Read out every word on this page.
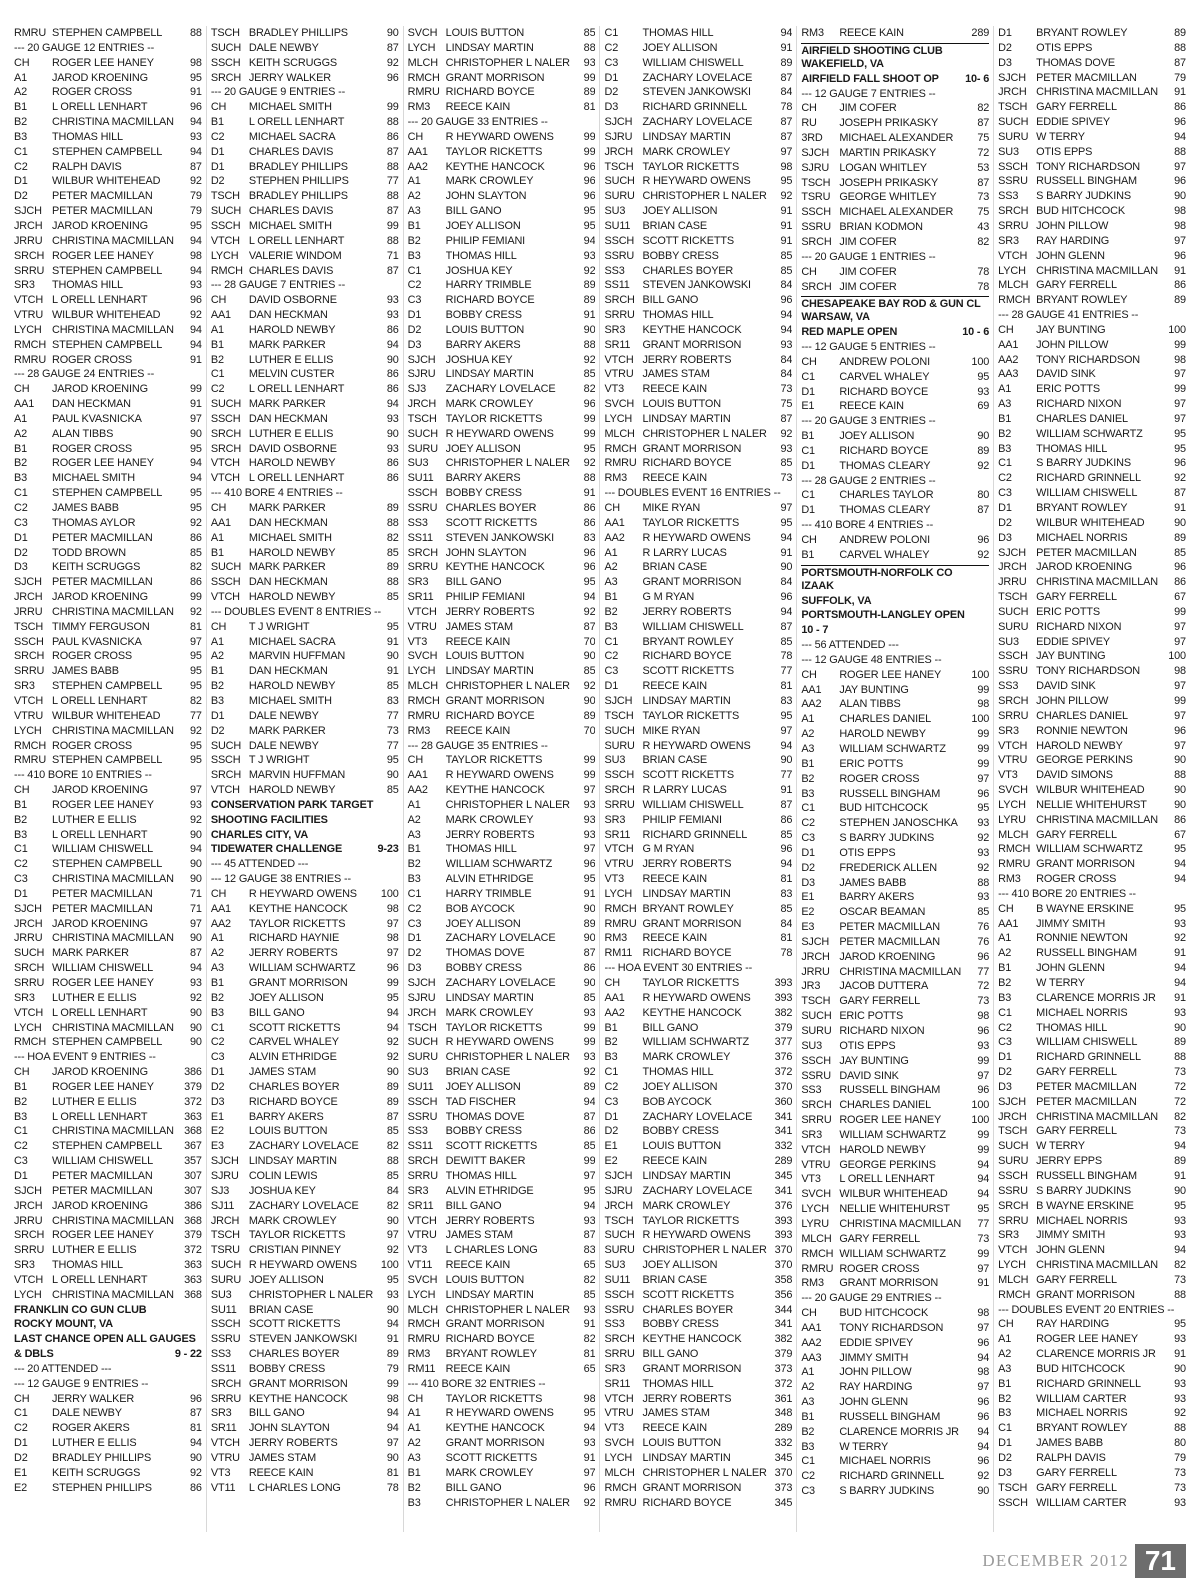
RMRU STEPHEN CAMPBELL	88
--- 20 GAUGE 12 ENTRIES --
CH	ROGER LEE HANEY	98
A1	JAROD KROENING	95
A2	ROGER CROSS	91
B1	L ORELL LENHART	96
B2	CHRISTINA MACMILLAN	94
B3	THOMAS HILL	93
C1	STEPHEN CAMPBELL	94
C2	RALPH DAVIS	87
D1	WILBUR WHITEHEAD	92
D2	PETER MACMILLAN	79
SJCH PETER MACMILLAN	79
JRCH JAROD KROENING	95
JRRU CHRISTINA MACMILLAN	94
SRCH ROGER LEE HANEY	98
SRRU STEPHEN CAMPBELL	94
SR3	THOMAS HILL	93
VTCH L ORELL LENHART	96
VTRU WILBUR WHITEHEAD	92
LYCH CHRISTINA MACMILLAN	94
RMCH STEPHEN CAMPBELL	94
RMRU ROGER CROSS	91
--- 28 GAUGE 24 ENTRIES --
CH	JAROD KROENING	99
AA1	DAN HECKMAN	91
A1	PAUL KVASNICKA	97
A2	ALAN TIBBS	90
B1	ROGER CROSS	95
B2	ROGER LEE HANEY	94
B3	MICHAEL SMITH	94
C1	STEPHEN CAMPBELL	95
C2	JAMES BABB	95
C3	THOMAS AYLOR	92
D1	PETER MACMILLAN	86
D2	TODD BROWN	85
D3	KEITH SCRUGGS	82
SJCH PETER MACMILLAN	86
JRCH JAROD KROENING	99
JRRU CHRISTINA MACMILLAN	92
TSCH TIMMY FERGUSON	81
SSCH PAUL KVASNICKA	97
SRCH ROGER CROSS	95
SRRU JAMES BABB	95
SR3	STEPHEN CAMPBELL	95
VTCH L ORELL LENHART	82
VTRU WILBUR WHITEHEAD	77
LYCH CHRISTINA MACMILLAN	92
RMCH ROGER CROSS	95
RMRU STEPHEN CAMPBELL	95
--- 410 BORE 10 ENTRIES --
CH	JAROD KROENING	97
B1	ROGER LEE HANEY	93
B2	LUTHER E ELLIS	92
B3	L ORELL LENHART	90
C1	WILLIAM CHISWELL	94
C2	STEPHEN CAMPBELL	90
C3	CHRISTINA MACMILLAN	90
D1	PETER MACMILLAN	71
SJCH PETER MACMILLAN	71
JRCH JAROD KROENING	97
JRRU CHRISTINA MACMILLAN	90
SUCH MARK PARKER	87
SRCH WILLIAM CHISWELL	94
SRRU ROGER LEE HANEY	93
SR3	LUTHER E ELLIS	92
VTCH L ORELL LENHART	90
LYCH CHRISTINA MACMILLAN	90
RMCH STEPHEN CAMPBELL	90
--- HOA EVENT 9 ENTRIES --
CH	JAROD KROENING	386
B1	ROGER LEE HANEY	379
B2	LUTHER E ELLIS	372
B3	L ORELL LENHART	363
C1	CHRISTINA MACMILLAN 368
C2	STEPHEN CAMPBELL	367
C3	WILLIAM CHISWELL	357
D1	PETER MACMILLAN	307
SJCH PETER MACMILLAN	307
JRCH JAROD KROENING	386
JRRU CHRISTINA MACMILLAN 368
SRCH ROGER LEE HANEY	379
SRRU LUTHER E ELLIS	372
SR3	THOMAS HILL	363
VTCH L ORELL LENHART	363
LYCH CHRISTINA MACMILLAN 368
FRANKLIN CO GUN CLUB
ROCKY MOUNT, VA
LAST CHANCE OPEN ALL GAUGES
& DBLS	9 - 22
--- 20 ATTENDED ---
--- 12 GAUGE 9 ENTRIES --
CH	JERRY WALKER	96
C1	DALE NEWBY	87
C2	ROGER AKERS	81
D1	LUTHER E ELLIS	94
D2	BRADLEY PHILLIPS	90
E1	KEITH SCRUGGS	92
E2	STEPHEN PHILLIPS	86
TSCH BRADLEY PHILLIPS	90
SUCH DALE NEWBY	87
SSCH KEITH SCRUGGS	92
SRCH JERRY WALKER	96
--- 20 GAUGE 9 ENTRIES --
CH	MICHAEL SMITH	99
B1	L ORELL LENHART	88
C2	MICHAEL SACRA	86
D1	CHARLES DAVIS	87
D1	BRADLEY PHILLIPS	88
D2	STEPHEN PHILLIPS	77
TSCH BRADLEY PHILLIPS	88
SUCH CHARLES DAVIS	87
SSCH MICHAEL SMITH	99
VTCH L ORELL LENHART	88
LYCH VALERIE WINDOM	71
RMCH CHARLES DAVIS	87
--- 28 GAUGE 7 ENTRIES --
CH	DAVID OSBORNE	93
AA1	DAN HECKMAN	93
A1	HAROLD NEWBY	86
B1	MARK PARKER	94
B2	LUTHER E ELLIS	90
C1	MELVIN CUSTER	86
C2	L ORELL LENHART	86
SUCH MARK PARKER	94
SSCH DAN HECKMAN	93
SRCH LUTHER E ELLIS	90
SRCH DAVID OSBORNE	93
VTCH HAROLD NEWBY	86
VTCH L ORELL LENHART	86
--- 410 BORE 4 ENTRIES --
CH	MARK PARKER	89
AA1	DAN HECKMAN	88
A1	MICHAEL SMITH	82
B1	HAROLD NEWBY	85
SUCH MARK PARKER	89
SSCH DAN HECKMAN	88
VTCH HAROLD NEWBY	85
--- DOUBLES EVENT 8 ENTRIES --
CH	T J WRIGHT	95
A1	MICHAEL SACRA	91
A2	MARVIN HUFFMAN	90
B1	DAN HECKMAN	91
B2	HAROLD NEWBY	85
B3	MICHAEL SMITH	83
D1	DALE NEWBY	77
D2	MARK PARKER	73
SUCH DALE NEWBY	77
SSCH T J WRIGHT	95
SRCH MARVIN HUFFMAN	90
VTCH HAROLD NEWBY	85
CONSERVATION PARK TARGET
SHOOTING FACILITIES
CHARLES CITY, VA
TIDEWATER CHALLENGE	9-23
--- 45 ATTENDED ---
--- 12 GAUGE 38 ENTRIES --
CH	R HEYWARD OWENS	100
AA1	KEYTHE HANCOCK	98
AA2	TAYLOR RICKETTS	97
A1	RICHARD HAYNIE	98
A2	JERRY ROBERTS	97
A3	WILLIAM SCHWARTZ	96
B1	GRANT MORRISON	99
B2	JOEY ALLISON	95
B3	BILL GANO	94
C1	SCOTT RICKETTS	94
C2	CARVEL WHALEY	92
C3	ALVIN ETHRIDGE	92
D1	JAMES STAM	90
D2	CHARLES BOYER	89
D3	RICHARD BOYCE	89
E1	BARRY AKERS	87
E2	LOUIS BUTTON	85
E3	ZACHARY LOVELACE	82
SJCH LINDSAY MARTIN	88
SJRU COLIN LEWIS	85
SJ3	JOSHUA KEY	84
SJ11	ZACHARY LOVELACE	82
JRCH MARK CROWLEY	90
TSCH TAYLOR RICKETTS	97
TSRU CRISTIAN PINNEY	92
SUCH R HEYWARD OWENS	100
SURU JOEY ALLISON	95
SU3	CHRISTOPHER L NALER	93
SU11	BRIAN CASE	90
SSCH SCOTT RICKETTS	94
SSRU STEVEN JANKOWSKI	91
SS3	CHARLES BOYER	89
SS11	BOBBY CRESS	79
SRCH GRANT MORRISON	99
SRRU KEYTHE HANCOCK	98
SR3	BILL GANO	94
SR11	JOHN SLAYTON	94
VTCH JERRY ROBERTS	97
VTRU JAMES STAM	90
VT3	REECE KAIN	81
VT11	L CHARLES LONG	78
SVCH LOUIS BUTTON	85
LYCH LINDSAY MARTIN	88
MLCH CHRISTOPHER L NALER	93
RMCH GRANT MORRISON	99
RMRU RICHARD BOYCE	89
RM3	REECE KAIN	81
--- 20 GAUGE 33 ENTRIES --
CH	R HEYWARD OWENS	99
AA1	TAYLOR RICKETTS	99
AA2	KEYTHE HANCOCK	96
A1	MARK CROWLEY	96
A2	JOHN SLAYTON	96
A3	BILL GANO	95
B1	JOEY ALLISON	95
B2	PHILIP FEMIANI	94
B3	THOMAS HILL	93
C1	JOSHUA KEY	92
C2	HARRY TRIMBLE	89
C3	RICHARD BOYCE	89
D1	BOBBY CRESS	91
D2	LOUIS BUTTON	90
D3	BARRY AKERS	88
SJCH JOSHUA KEY	92
SJRU LINDSAY MARTIN	85
SJ3	ZACHARY LOVELACE	82
JRCH MARK CROWLEY	96
TSCH TAYLOR RICKETTS	99
SUCH R HEYWARD OWENS	99
SURU JOEY ALLISON	95
SU3	CHRISTOPHER L NALER	92
SU11	BARRY AKERS	88
SSCH BOBBY CRESS	91
SSRU CHARLES BOYER	86
SS3	SCOTT RICKETTS	86
SS11	STEVEN JANKOWSKI	83
SRCH JOHN SLAYTON	96
SRRU KEYTHE HANCOCK	96
SR3	BILL GANO	95
SR11	PHILIP FEMIANI	94
VTCH JERRY ROBERTS	92
VTRU JAMES STAM	87
VT3	REECE KAIN	70
SVCH LOUIS BUTTON	90
LYCH LINDSAY MARTIN	85
MLCH CHRISTOPHER L NALER	92
RMCH GRANT MORRISON	90
RMRU RICHARD BOYCE	89
RM3	REECE KAIN	70
--- 28 GAUGE 35 ENTRIES --
CH	TAYLOR RICKETTS	99
AA1	R HEYWARD OWENS	99
AA2	KEYTHE HANCOCK	97
A1	CHRISTOPHER L NALER	93
A2	MARK CROWLEY	93
A3	JERRY ROBERTS	93
B1	THOMAS HILL	97
B2	WILLIAM SCHWARTZ	96
B3	ALVIN ETHRIDGE	95
C1	HARRY TRIMBLE	91
C2	BOB AYCOCK	90
C3	JOEY ALLISON	89
D1	ZACHARY LOVELACE	90
D2	THOMAS DOVE	87
D3	BOBBY CRESS	86
SJCH ZACHARY LOVELACE	90
SJRU LINDSAY MARTIN	85
JRCH MARK CROWLEY	93
TSCH TAYLOR RICKETTS	99
SUCH R HEYWARD OWENS	99
SURU CHRISTOPHER L NALER	93
SU3	BRIAN CASE	92
SU11	JOEY ALLISON	89
SSCH TAD FISCHER	94
SSRU THOMAS DOVE	87
SS3	BOBBY CRESS	86
SS11	SCOTT RICKETTS	85
SRCH DEWITT BAKER	99
SRRU THOMAS HILL	97
SR3	ALVIN ETHRIDGE	95
SR11	BILL GANO	94
VTCH JERRY ROBERTS	93
VTRU JAMES STAM	87
VT3	L CHARLES LONG	83
VT11	REECE KAIN	65
SVCH LOUIS BUTTON	82
LYCH LINDSAY MARTIN	85
MLCH CHRISTOPHER L NALER	93
RMCH GRANT MORRISON	91
RMRU RICHARD BOYCE	82
RM3	BRYANT ROWLEY	81
RM11 REECE KAIN	65
--- 410 BORE 32 ENTRIES --
CH	TAYLOR RICKETTS	98
A1	R HEYWARD OWENS	95
A1	KEYTHE HANCOCK	94
A2	GRANT MORRISON	93
A3	SCOTT RICKETTS	91
B1	MARK CROWLEY	97
B2	BILL GANO	96
B3	CHRISTOPHER L NALER	92
C1	THOMAS HILL	94
C2	JOEY ALLISON	91
C3	WILLIAM CHISWELL	89
D1	ZACHARY LOVELACE	87
D2	STEVEN JANKOWSKI	84
D3	RICHARD GRINNELL	78
SJCH ZACHARY LOVELACE	87
SJRU LINDSAY MARTIN	87
JRCH MARK CROWLEY	97
TSCH TAYLOR RICKETTS	98
SUCH R HEYWARD OWENS	95
SURU CHRISTOPHER L NALER	92
SU3	JOEY ALLISON	91
SU11	BRIAN CASE	91
SSCH SCOTT RICKETTS	91
SSRU BOBBY CRESS	85
SS3	CHARLES BOYER	85
SS11	STEVEN JANKOWSKI	84
SRCH BILL GANO	96
SRRU THOMAS HILL	94
SR3	KEYTHE HANCOCK	94
SR11	GRANT MORRISON	93
VTCH JERRY ROBERTS	84
VTRU JAMES STAM	84
VT3	REECE KAIN	73
SVCH LOUIS BUTTON	75
LYCH LINDSAY MARTIN	87
MLCH CHRISTOPHER L NALER	92
RMCH GRANT MORRISON	93
RMRU RICHARD BOYCE	85
RM3	REECE KAIN	73
--- DOUBLES EVENT 16 ENTRIES --
CH	MIKE RYAN	97
AA1	TAYLOR RICKETTS	95
AA2	R HEYWARD OWENS	94
A1	R LARRY LUCAS	91
A2	BRIAN CASE	90
A3	GRANT MORRISON	84
B1	G M RYAN	96
B2	JERRY ROBERTS	94
B3	WILLIAM CHISWELL	87
C1	BRYANT ROWLEY	85
C2	RICHARD BOYCE	78
C3	SCOTT RICKETTS	77
D1	REECE KAIN	81
SJCH LINDSAY MARTIN	83
TSCH TAYLOR RICKETTS	95
SUCH MIKE RYAN	97
SURU R HEYWARD OWENS	94
SU3	BRIAN CASE	90
SSCH SCOTT RICKETTS	77
SRCH R LARRY LUCAS	91
SRRU WILLIAM CHISWELL	87
SR3	PHILIP FEMIANI	86
SR11	RICHARD GRINNELL	85
VTCH G M RYAN	96
VTRU JERRY ROBERTS	94
VT3	REECE KAIN	81
LYCH LINDSAY MARTIN	83
RMCH BRYANT ROWLEY	85
RMRU GRANT MORRISON	84
RM3	REECE KAIN	81
RM11 RICHARD BOYCE	78
--- HOA EVENT 30 ENTRIES --
CH	TAYLOR RICKETTS	393
AA1	R HEYWARD OWENS	393
AA2	KEYTHE HANCOCK	382
B1	BILL GANO	379
B2	WILLIAM SCHWARTZ	377
B3	MARK CROWLEY	376
C1	THOMAS HILL	372
C2	JOEY ALLISON	370
C3	BOB AYCOCK	360
D1	ZACHARY LOVELACE	341
D2	BOBBY CRESS	341
E1	LOUIS BUTTON	332
E2	REECE KAIN	289
SJCH LINDSAY MARTIN	345
SJRU ZACHARY LOVELACE	341
JRCH MARK CROWLEY	376
TSCH TAYLOR RICKETTS	393
SUCH R HEYWARD OWENS	393
SURU CHRISTOPHER L NALER 370
SU3	JOEY ALLISON	370
SU11	BRIAN CASE	358
SSCH SCOTT RICKETTS	356
SSRU CHARLES BOYER	344
SS3	BOBBY CRESS	341
SRCH KEYTHE HANCOCK	382
SRRU BILL GANO	379
SR3	GRANT MORRISON	373
SR11	THOMAS HILL	372
VTCH JERRY ROBERTS	361
VTRU JAMES STAM	348
VT3	REECE KAIN	289
SVCH LOUIS BUTTON	332
LYCH LINDSAY MARTIN	345
MLCH CHRISTOPHER L NALER 370
RMCH GRANT MORRISON	373
RMRU RICHARD BOYCE	345
RM3	REECE KAIN	289
AIRFIELD SHOOTING CLUB
WAKEFIELD, VA
AIRFIELD FALL SHOOT OP	10- 6
--- 12 GAUGE 7 ENTRIES --
CH	JIM COFER	82
RU	JOSEPH PRIKASKY	87
3RD	MICHAEL ALEXANDER	75
SJCH MARTIN PRIKASKY	72
SJRU LOGAN WHITLEY	53
TSCH JOSEPH PRIKASKY	87
TSRU GEORGE WHITLEY	73
SSCH MICHAEL ALEXANDER	75
SSRU BRIAN KODMON	43
SRCH JIM COFER	82
--- 20 GAUGE 1 ENTRIES --
CH	JIM COFER	78
SRCH JIM COFER	78
CHESAPEAKE BAY ROD & GUN CL
WARSAW, VA
RED MAPLE OPEN	10 - 6
--- 12 GAUGE 5 ENTRIES --
CH	ANDREW POLONI	100
C1	CARVEL WHALEY	95
D1	RICHARD BOYCE	93
E1	REECE KAIN	69
--- 20 GAUGE 3 ENTRIES --
B1	JOEY ALLISON	90
C1	RICHARD BOYCE	89
D1	THOMAS CLEARY	92
--- 28 GAUGE 2 ENTRIES --
C1	CHARLES TAYLOR	80
D1	THOMAS CLEARY	87
--- 410 BORE 4 ENTRIES --
CH	ANDREW POLONI	96
B1	CARVEL WHALEY	92
PORTSMOUTH-NORFOLK CO
IZAAK
SUFFOLK, VA
PORTSMOUTH-LANGLEY OPEN
10 - 7
--- 56 ATTENDED ---
--- 12 GAUGE 48 ENTRIES --
CH	ROGER LEE HANEY	100
AA1	JAY BUNTING	99
AA2	ALAN TIBBS	98
A1	CHARLES DANIEL	100
A2	HAROLD NEWBY	99
A3	WILLIAM SCHWARTZ	99
B1	ERIC POTTS	99
B2	ROGER CROSS	97
B3	RUSSELL BINGHAM	96
C1	BUD HITCHCOCK	95
C2	STEPHEN JANOSCHKA	93
C3	S BARRY JUDKINS	92
D1	OTIS EPPS	93
D2	FREDERICK ALLEN	92
D3	JAMES BABB	88
E1	BARRY AKERS	93
E2	OSCAR BEAMAN	85
E3	PETER MACMILLAN	76
SJCH PETER MACMILLAN	76
JRCH JAROD KROENING	96
JRRU CHRISTINA MACMILLAN	77
JR3	JACOB DUTTERA	72
TSCH GARY FERRELL	73
SUCH ERIC POTTS	98
SURU RICHARD NIXON	96
SU3	OTIS EPPS	93
SSCH JAY BUNTING	99
SSRU DAVID SINK	97
SS3	RUSSELL BINGHAM	96
SRCH CHARLES DANIEL	100
SRRU ROGER LEE HANEY	100
SR3	WILLIAM SCHWARTZ	99
VTCH HAROLD NEWBY	99
VTRU GEORGE PERKINS	94
VT3	L ORELL LENHART	94
SVCH WILBUR WHITEHEAD	94
LYCH NELLIE WHITEHURST	95
LYRU CHRISTINA MACMILLAN	77
MLCH GARY FERRELL	73
RMCH WILLIAM SCHWARTZ	99
RMRU ROGER CROSS	97
RM3	GRANT MORRISON	91
--- 20 GAUGE 29 ENTRIES --
CH	BUD HITCHCOCK	98
AA1	TONY RICHARDSON	97
AA2	EDDIE SPIVEY	96
AA3	JIMMY SMITH	94
A1	JOHN PILLOW	98
A2	RAY HARDING	97
A3	JOHN GLENN	96
B1	RUSSELL BINGHAM	96
B2	CLARENCE MORRIS JR	94
B3	W TERRY	94
C1	MICHAEL NORRIS	96
C2	RICHARD GRINNELL	92
C3	S BARRY JUDKINS	90
D1	BRYANT ROWLEY	89
D2	OTIS EPPS	88
D3	THOMAS DOVE	87
SJCH PETER MACMILLAN	79
JRCH CHRISTINA MACMILLAN	91
TSCH GARY FERRELL	86
SUCH EDDIE SPIVEY	96
SURU W TERRY	94
SU3	OTIS EPPS	88
SSCH TONY RICHARDSON	97
SSRU RUSSELL BINGHAM	96
SS3	S BARRY JUDKINS	90
SRCH BUD HITCHCOCK	98
SRRU JOHN PILLOW	98
SR3	RAY HARDING	97
VTCH JOHN GLENN	96
LYCH CHRISTINA MACMILLAN	91
MLCH GARY FERRELL	86
RMCH BRYANT ROWLEY	89
--- 28 GAUGE 41 ENTRIES --
CH	JAY BUNTING	100
AA1	JOHN PILLOW	99
AA2	TONY RICHARDSON	98
AA3	DAVID SINK	97
A1	ERIC POTTS	99
A3	RICHARD NIXON	97
B1	CHARLES DANIEL	97
B2	WILLIAM SCHWARTZ	95
B3	THOMAS HILL	95
C1	S BARRY JUDKINS	96
C2	RICHARD GRINNELL	92
C3	WILLIAM CHISWELL	87
D1	BRYANT ROWLEY	91
D2	WILBUR WHITEHEAD	90
D3	MICHAEL NORRIS	89
SJCH PETER MACMILLAN	85
JRCH JAROD KROENING	96
JRRU CHRISTINA MACMILLAN	86
TSCH GARY FERRELL	67
SUCH ERIC POTTS	99
SURU RICHARD NIXON	97
SU3	EDDIE SPIVEY	97
SSCH JAY BUNTING	100
SSRU TONY RICHARDSON	98
SS3	DAVID SINK	97
SRCH JOHN PILLOW	99
SRRU CHARLES DANIEL	97
SR3	RONNIE NEWTON	96
VTCH HAROLD NEWBY	97
VTRU GEORGE PERKINS	90
VT3	DAVID SIMONS	88
SVCH WILBUR WHITEHEAD	90
LYCH NELLIE WHITEHURST	90
LYRU CHRISTINA MACMILLAN	86
MLCH GARY FERRELL	67
RMCH WILLIAM SCHWARTZ	95
RMRU GRANT MORRISON	94
RM3	ROGER CROSS	94
--- 410 BORE 20 ENTRIES --
CH	B WAYNE ERSKINE	95
AA1	JIMMY SMITH	93
A1	RONNIE NEWTON	92
A2	RUSSELL BINGHAM	91
B1	JOHN GLENN	94
B2	W TERRY	94
B3	CLARENCE MORRIS JR	91
C1	MICHAEL NORRIS	93
C2	THOMAS HILL	90
C3	WILLIAM CHISWELL	89
D1	RICHARD GRINNELL	88
D2	GARY FERRELL	73
D3	PETER MACMILLAN	72
SJCH PETER MACMILLAN	72
JRCH CHRISTINA MACMILLAN	82
TSCH GARY FERRELL	73
SUCH W TERRY	94
SURU JERRY EPPS	89
SSCH RUSSELL BINGHAM	91
SSRU S BARRY JUDKINS	90
SRCH B WAYNE ERSKINE	95
SRRU MICHAEL NORRIS	93
SR3	JIMMY SMITH	93
VTCH JOHN GLENN	94
LYCH CHRISTINA MACMILLAN	82
MLCH GARY FERRELL	73
RMCH GRANT MORRISON	88
--- DOUBLES EVENT 20 ENTRIES --
CH	RAY HARDING	95
A1	ROGER LEE HANEY	93
A2	CLARENCE MORRIS JR	91
A3	BUD HITCHCOCK	90
B1	RICHARD GRINNELL	93
B2	WILLIAM CARTER	93
B3	MICHAEL NORRIS	92
C1	BRYANT ROWLEY	88
D1	JAMES BABB	80
D2	RALPH DAVIS	79
D3	GARY FERRELL	73
TSCH GARY FERRELL	73
SSCH WILLIAM CARTER	93
DECEMBER 2012 71
